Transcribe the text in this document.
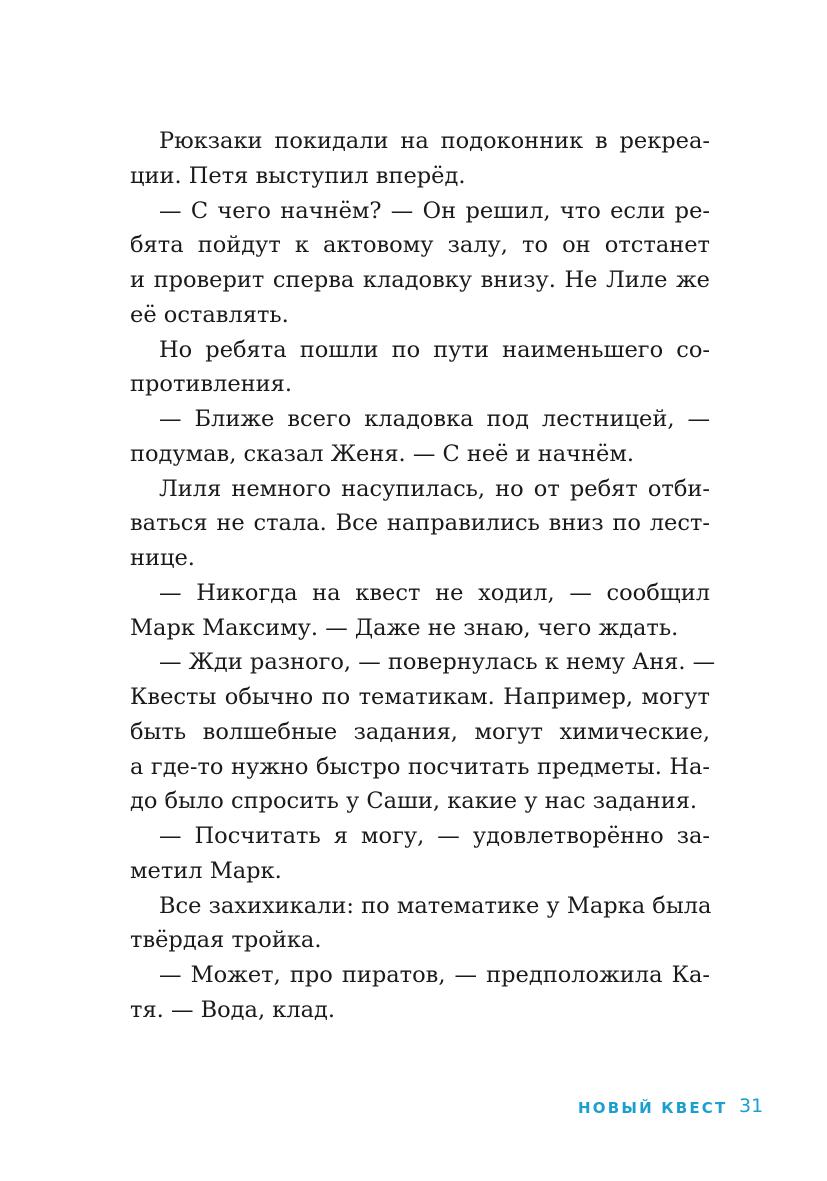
Рюкзаки покидали на подоконник в рекреа-
ции. Петя выступил вперёд.
— С чего начнём? — Он решил, что если ре-
бята пойдут к актовому залу, то он отстанет
и проверит сперва кладовку внизу. Не Лиле же
её оставлять.
Но ребята пошли по пути наименьшего со-
противления.
— Ближе всего кладовка под лестницей, —
подумав, сказал Женя. — С неё и начнём.
Лиля немного насупилась, но от ребят отби-
ваться не стала. Все направились вниз по лест-
нице.
— Никогда на квест не ходил, — сообщил
Марк Максиму. — Даже не знаю, чего ждать.
— Жди разного, — повернулась к нему Аня. —
Квесты обычно по тематикам. Например, могут
быть волшебные задания, могут химические,
а где-то нужно быстро посчитать предметы. На-
до было спросить у Саши, какие у нас задания.
— Посчитать я могу, — удовлетворённо за-
метил Марк.
Все захихикали: по математике у Марка была
твёрдая тройка.
— Может, про пиратов, — предположила Ка-
тя. — Вода, клад.
НОВЫЙ КВЕСТ 31
